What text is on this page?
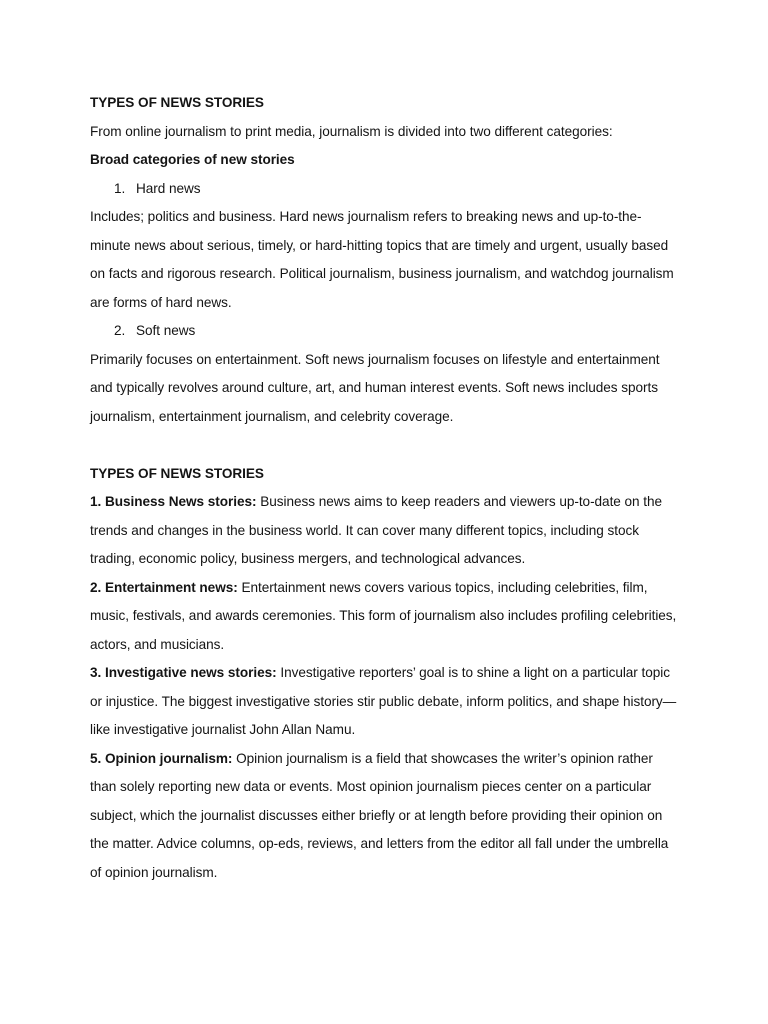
TYPES OF NEWS STORIES

From online journalism to print media, journalism is divided into two different categories:

Broad categories of new stories

1. Hard news

Includes; politics and business. Hard news journalism refers to breaking news and up-to-the-minute news about serious, timely, or hard-hitting topics that are timely and urgent, usually based on facts and rigorous research. Political journalism, business journalism, and watchdog journalism are forms of hard news.

2. Soft news

Primarily focuses on entertainment. Soft news journalism focuses on lifestyle and entertainment and typically revolves around culture, art, and human interest events. Soft news includes sports journalism, entertainment journalism, and celebrity coverage.

TYPES OF NEWS STORIES

1. Business News stories: Business news aims to keep readers and viewers up-to-date on the trends and changes in the business world. It can cover many different topics, including stock trading, economic policy, business mergers, and technological advances.

2. Entertainment news: Entertainment news covers various topics, including celebrities, film, music, festivals, and awards ceremonies. This form of journalism also includes profiling celebrities, actors, and musicians.

3. Investigative news stories: Investigative reporters’ goal is to shine a light on a particular topic or injustice. The biggest investigative stories stir public debate, inform politics, and shape history—like investigative journalist John Allan Namu.

5. Opinion journalism: Opinion journalism is a field that showcases the writer’s opinion rather than solely reporting new data or events. Most opinion journalism pieces center on a particular subject, which the journalist discusses either briefly or at length before providing their opinion on the matter. Advice columns, op-eds, reviews, and letters from the editor all fall under the umbrella of opinion journalism.
